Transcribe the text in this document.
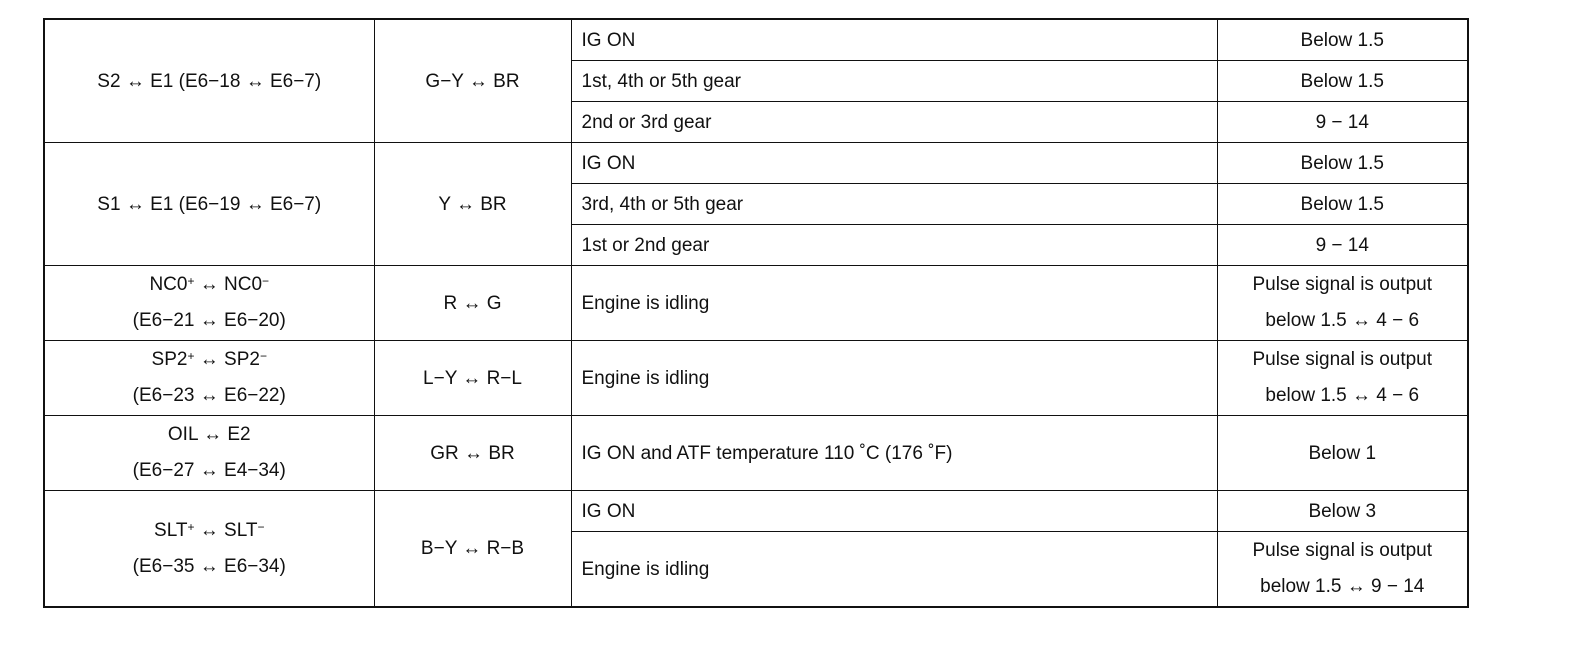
S2 ↔ E1 (E6−18 ↔ E6−7)	G−Y ↔ BR	IG ON	Below 1.5
		1st, 4th or 5th gear	Below 1.5
		2nd or 3rd gear	9 − 14
S1 ↔ E1 (E6−19 ↔ E6−7)	Y ↔ BR	IG ON	Below 1.5
		3rd, 4th or 5th gear	Below 1.5
		1st or 2nd gear	9 − 14

NC0+ ↔ NC0−
(E6−21 ↔ E6−20)	R ↔ G	Engine is idling	Pulse signal is output
below 1.5 ↔ 4 − 6

SP2+ ↔ SP2−
(E6−23 ↔ E6−22)	L−Y ↔ R−L	Engine is idling	Pulse signal is output
below 1.5 ↔ 4 − 6

OIL ↔ E2
(E6−27 ↔ E4−34)	GR ↔ BR	IG ON and ATF temperature 110 ˚C (176 ˚F)	Below 1

SLT+ ↔ SLT−
(E6−35 ↔ E6−34)	B−Y ↔ R−B	IG ON	Below 3
		Engine is idling	Pulse signal is output
below 1.5 ↔ 9 − 14
